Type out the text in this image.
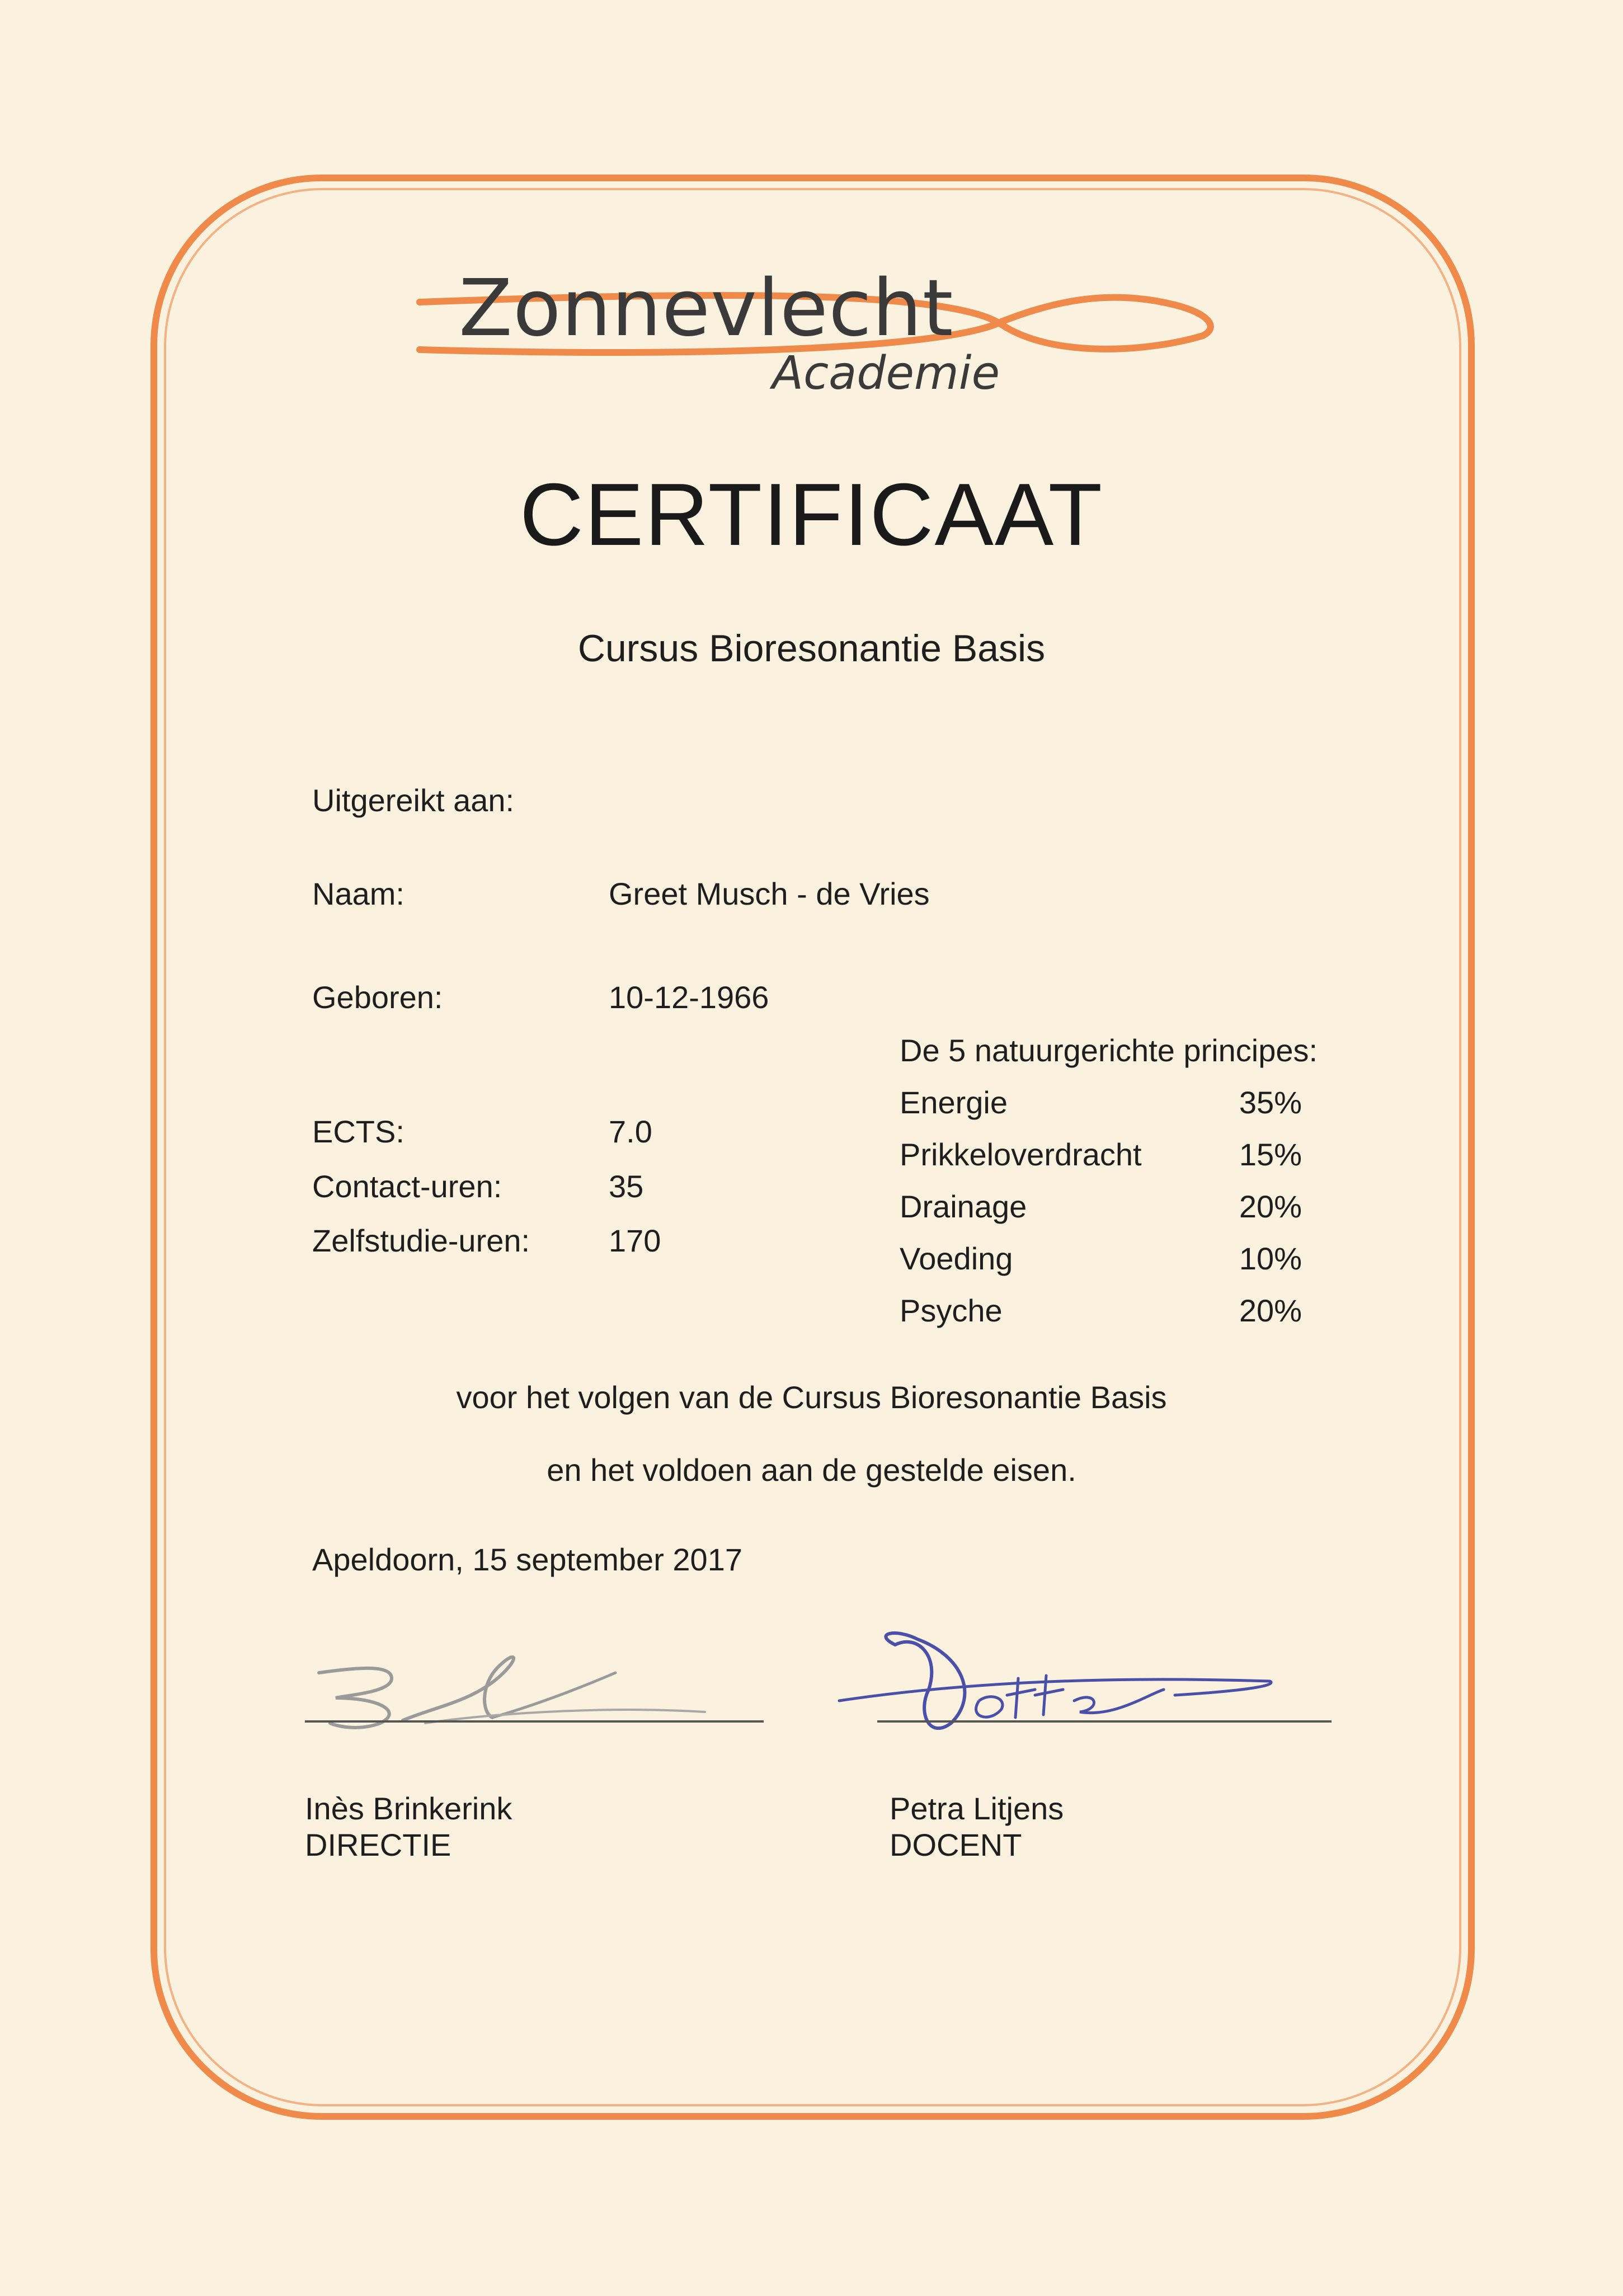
Zonnevlecht

Academie

CERTIFICAAT
Cursus Bioresonantie Basis

Uitgereikt aan:

Naam:	Greet Musch - de Vries

Geboren:	10-12-1966

ECTS:	7.0

Contact-uren:	35

Zelfstudie-uren:	170

De 5 natuurgerichte principes:

Energie	35%

Prikkeloverdracht	15%

Drainage	20%

Voeding	10%

Psyche	20%

voor het volgen van de Cursus Bioresonantie Basis

en het voldoen aan de gestelde eisen.

Apeldoorn, 15 september 2017

Inès Brinkerink

DIRECTIE

Petra Litjens

DOCENT
